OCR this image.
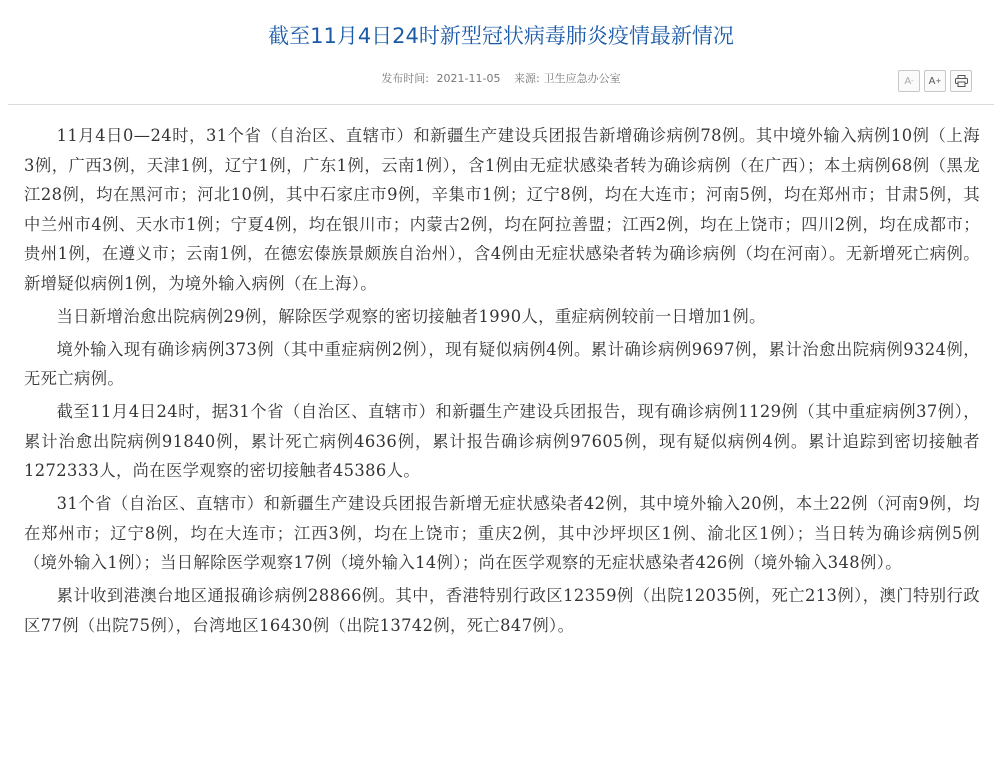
截至11月4日24时新型冠状病毒肺炎疫情最新情况
发布时间: 2021-11-05 来源: 卫生应急办公室	A - A +

11月4日0—24时，31个省（自治区、直辖市）和新疆生产建设兵团报告新增确诊病例78例。其中境外输入病例10例（上海3例，广西3例，天津1例，辽宁1例，广东1例，云南1例），含1例由无症状感染者转为确诊病例（在广西）；本土病例68例（黑龙江28例，均在黑河市；河北10例，其中石家庄市9例，辛集市1例；辽宁8例，均在大连市；河南5例，均在郑州市；甘肃5例，其中兰州市4例、天水市1例；宁夏4例，均在银川市；内蒙古2例，均在阿拉善盟；江西2例，均在上饶市；四川2例，均在成都市；贵州1例，在遵义市；云南1例，在德宏傣族景颇族自治州），含4例由无症状感染者转为确诊病例（均在河南）。无新增死亡病例。新增疑似病例1例，为境外输入病例（在上海）。

当日新增治愈出院病例29例，解除医学观察的密切接触者1990人，重症病例较前一日增加1例。

境外输入现有确诊病例373例（其中重症病例2例），现有疑似病例4例。累计确诊病例9697例，累计治愈出院病例9324例，无死亡病例。

截至11月4日24时，据31个省（自治区、直辖市）和新疆生产建设兵团报告，现有确诊病例1129例（其中重症病例37例），累计治愈出院病例91840例，累计死亡病例4636例，累计报告确诊病例97605例，现有疑似病例4例。累计追踪到密切接触者1272333人，尚在医学观察的密切接触者45386人。

31个省（自治区、直辖市）和新疆生产建设兵团报告新增无症状感染者42例，其中境外输入20例，本土22例（河南9例，均在郑州市；辽宁8例，均在大连市；江西3例，均在上饶市；重庆2例，其中沙坪坝区1例、渝北区1例）；当日转为确诊病例5例（境外输入1例）；当日解除医学观察17例（境外输入14例）；尚在医学观察的无症状感染者426例（境外输入348例）。

累计收到港澳台地区通报确诊病例28866例。其中，香港特别行政区12359例（出院12035例，死亡213例），澳门特别行政区77例（出院75例），台湾地区16430例（出院13742例，死亡847例）。
